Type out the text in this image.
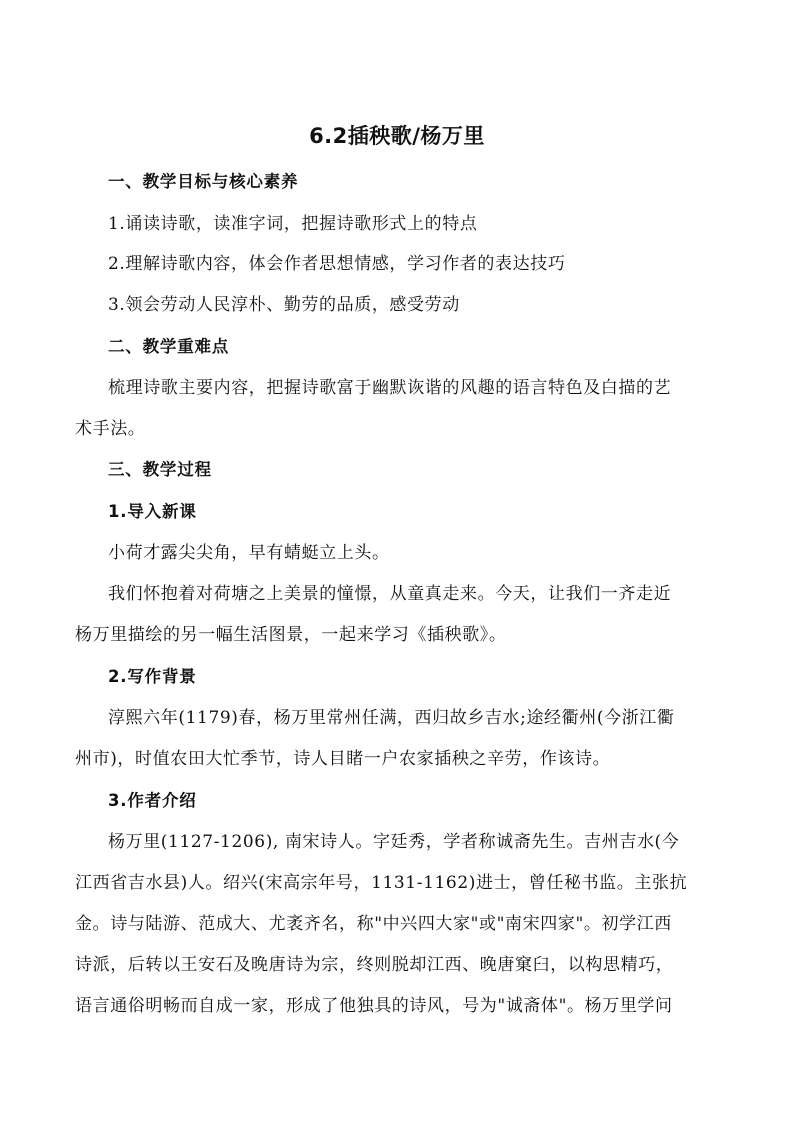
6.2插秧歌/杨万里
一、教学目标与核心素养
1.诵读诗歌，读准字词，把握诗歌形式上的特点
2.理解诗歌内容，体会作者思想情感，学习作者的表达技巧
3.领会劳动人民淳朴、勤劳的品质，感受劳动
二、教学重难点
梳理诗歌主要内容，把握诗歌富于幽默诙谐的风趣的语言特色及白描的艺
术手法。
三、教学过程
1.导入新课
小荷才露尖尖角，早有蜻蜓立上头。
我们怀抱着对荷塘之上美景的憧憬，从童真走来。今天，让我们一齐走近
杨万里描绘的另一幅生活图景，一起来学习《插秧歌》。
2.写作背景
淳熙六年(1179)春，杨万里常州任满，西归故乡吉水;途经衢州(今浙江衢
州市)，时值农田大忙季节，诗人目睹一户农家插秧之辛劳，作该诗。
3.作者介绍
杨万里(1127-1206), 南宋诗人。字廷秀，学者称诚斋先生。吉州吉水(今
江西省吉水县)人。绍兴(宋高宗年号，1131-1162)进士，曾任秘书监。主张抗
金。诗与陆游、范成大、尤袤齐名，称"中兴四大家"或"南宋四家"。初学江西
诗派，后转以王安石及晚唐诗为宗，终则脱却江西、晚唐窠臼，以构思精巧，
语言通俗明畅而自成一家，形成了他独具的诗风，号为"诚斋体"。杨万里学问
